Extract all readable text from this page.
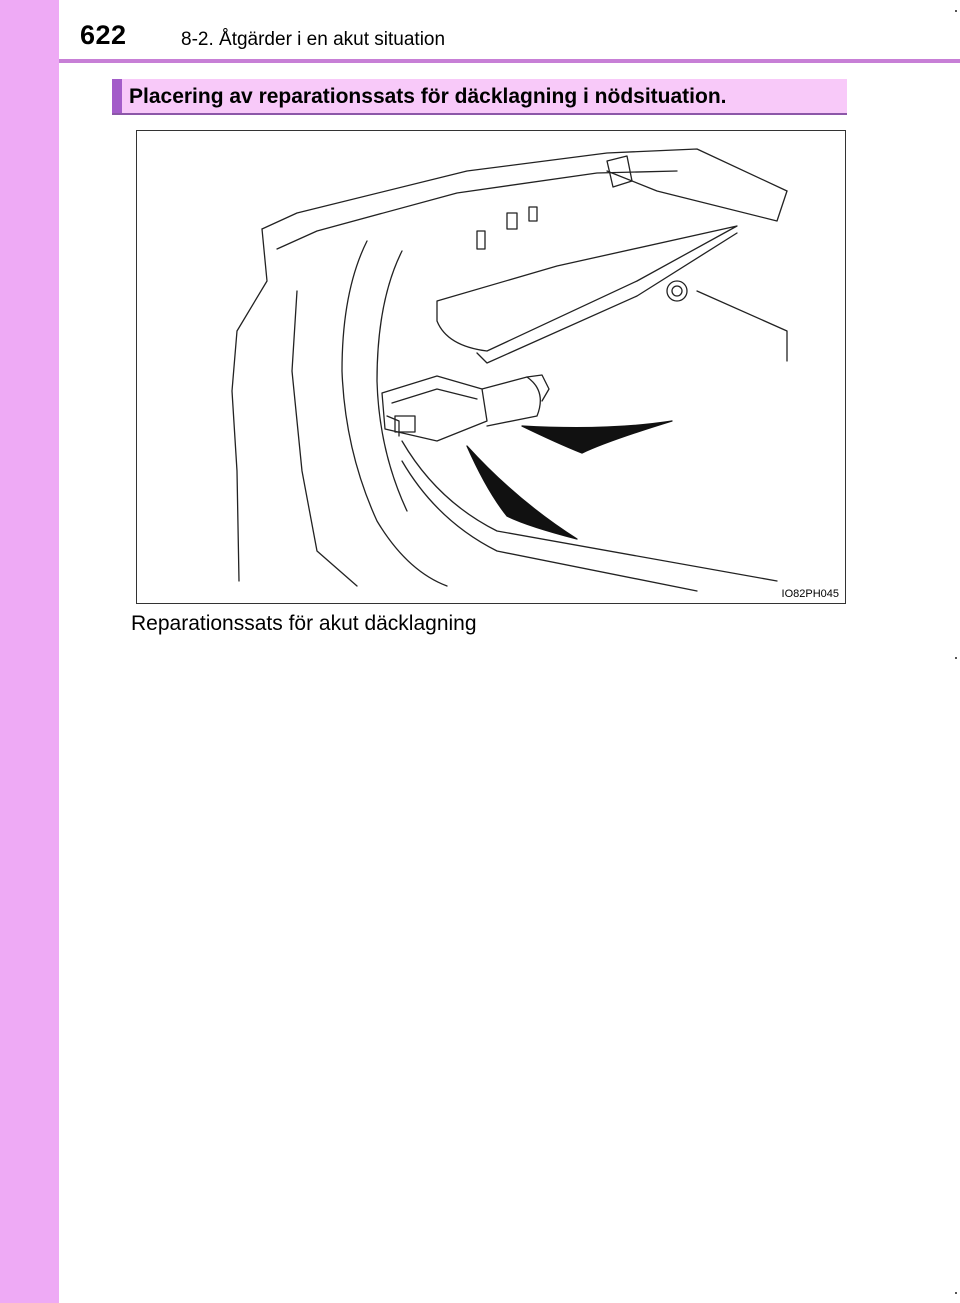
622	8-2. Åtgärder i en akut situation
Placering av reparationssats för däcklagning i nödsituation.
IO82PH045
Reparationssats för akut däcklagning
